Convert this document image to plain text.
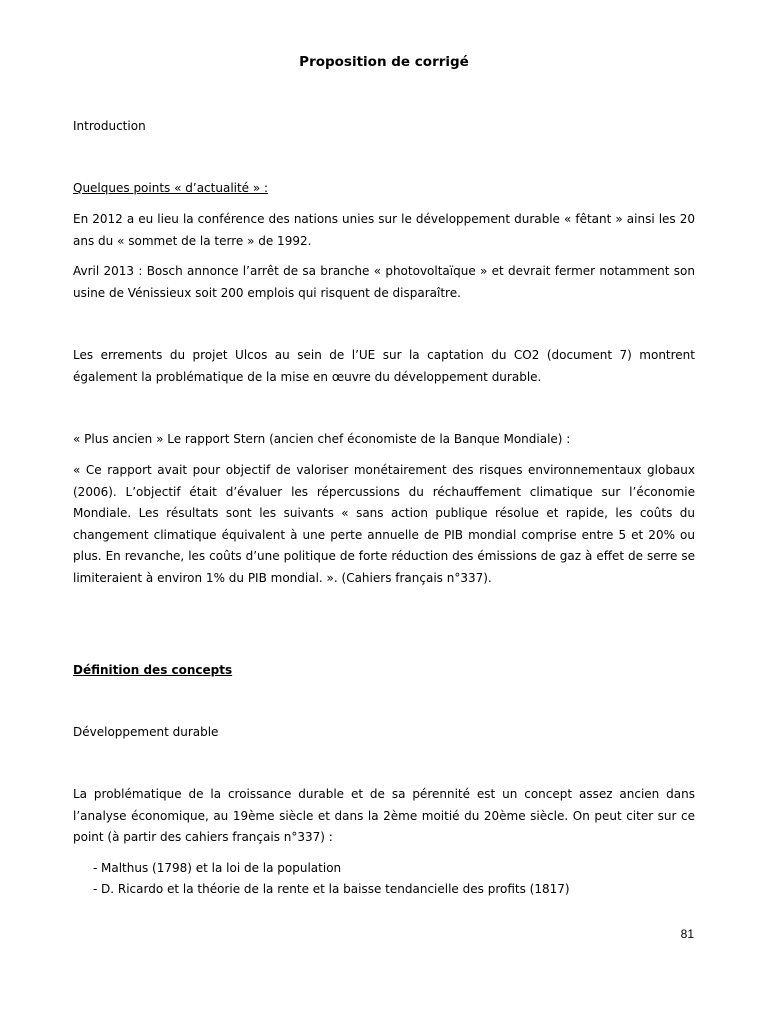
Proposition de corrigé

Introduction

Quelques points « d’actualité » :

En 2012 a eu lieu la conférence des nations unies sur le développement durable « fêtant » ainsi les 20 ans du « sommet de la terre » de 1992.

Avril 2013 : Bosch annonce l’arrêt de sa branche « photovoltaïque » et devrait fermer notamment son usine de Vénissieux soit 200 emplois qui risquent de disparaître.

Les errements du projet Ulcos au sein de l’UE sur la captation du CO2 (document 7) montrent également la problématique de la mise en œuvre du développement durable.

« Plus ancien » Le rapport Stern (ancien chef économiste de la Banque Mondiale) :

« Ce rapport avait pour objectif de valoriser monétairement des risques environnementaux globaux (2006). L’objectif était d’évaluer les répercussions du réchauffement climatique sur l’économie Mondiale. Les résultats sont les suivants « sans action publique résolue et rapide, les coûts du changement climatique équivalent à une perte annuelle de PIB mondial comprise entre 5 et 20% ou plus. En revanche, les coûts d’une politique de forte réduction des émissions de gaz à effet de serre se limiteraient à environ 1% du PIB mondial. ». (Cahiers français n°337).

Définition des concepts

Développement durable

La problématique de la croissance durable et de sa pérennité est un concept assez ancien dans l’analyse économique, au 19ème siècle et dans la 2ème moitié du 20ème siècle. On peut citer sur ce point (à partir des cahiers français n°337) :

- Malthus (1798) et la loi de la population
- D. Ricardo et la théorie de la rente et la baisse tendancielle des profits (1817)
81
